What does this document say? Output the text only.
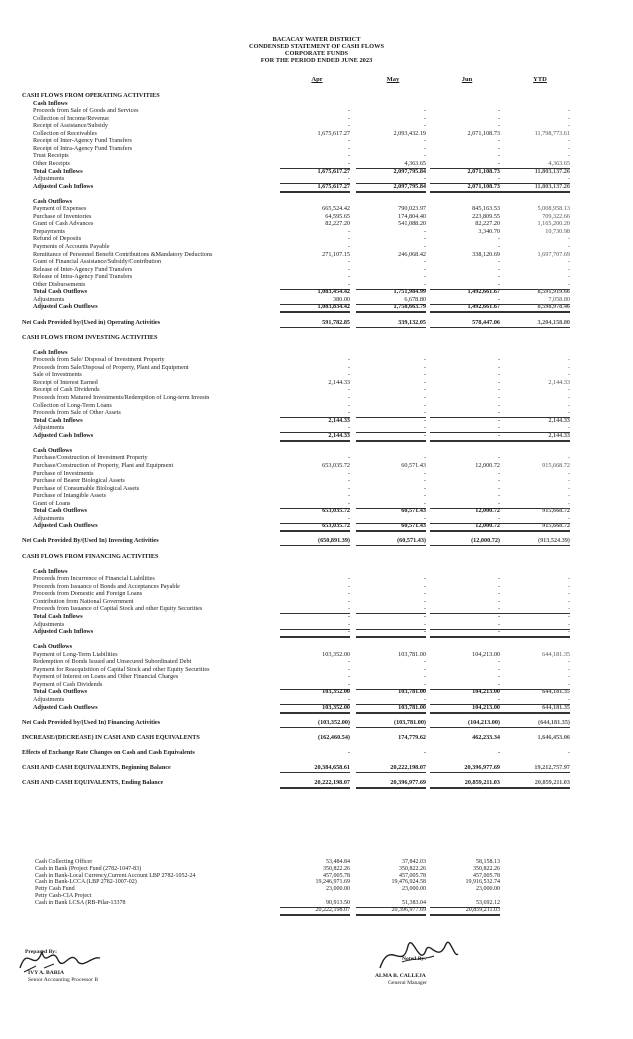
BACACAY WATER DISTRICT
CONDENSED STATEMENT OF CASH FLOWS
CORPORATE FUNDS
FOR THE PERIOD ENDED JUNE 2023
Apr	May	Jun	YTD
CASH FLOWS FROM OPERATING ACTIVITIES
Cash Inflows
Proceeds from Sale of Goods and Services	-	-	-	-
Collection of Income/Revenue	-	-	-	-
Receipt of Assistance/Subsidy	-	-	-	-
Collection of Receivables	1,675,617.27	2,093,432.19	2,071,108.73	11,798,773.61
Receipt of Inter-Agency Fund Transfers	-	-	-	-
Receipt of Intra-Agency Fund Transfers	-	-	-	-
Trust Receipts	-	-	-	-
Other Receipts	-	4,363.65	-	4,363.65
Total Cash Inflows	1,675,617.27	2,097,795.84	2,071,108.73	11,803,137.26
Adjustments	-	-	-	-
Adjusted Cash Inflows	1,675,617.27	2,097,795.84	2,071,108.73	11,803,137.26
Cash Outflows
Payment of Expenses	665,524.42	790,023.97	845,163.53	5,008,958.13
Purchase of Inventories	64,595.65	174,804.40	223,809.55	709,322.66
Grant of Cash Advances	82,227.20	541,088.20	82,227.20	1,165,200.20
Prepayments	-	-	3,340.70	10,730.98
Refund of Deposits	-	-	-	-
Payments of Accounts Payable	-	-	-	-
Remittance of Personnel Benefit Contributions &Mandatory Deductions	271,107.15	246,068.42	338,120.69	1,697,707.69
Grant of Financial Assistance/Subsidy/Contribution	-	-	-	-
Release of Inter-Agency Fund Transfers	-	-	-	-
Release of Intra-Agency Fund Transfers	-	-	-	-
Other Disbursements	-	-	-	-
Total Cash Outflows	1,083,454.42	1,751,984.99	1,492,661.67	8,591,919.66
Adjustments	380.00	6,678.80	-	7,058.80
Adjusted Cash Outflows	1,083,834.42	1,758,663.79	1,492,661.67	8,598,978.46
Net Cash Provided by/(Used in) Operating Activities	591,782.85	339,132.05	578,447.06	3,204,158.80
CASH FLOWS FROM INVESTING ACTIVITIES
Cash Inflows
Proceeds from Sale/ Disposal of Investment Property	-	-	-	-
Proceeds from Sale/Disposal of Property, Plant and Equipment	-	-	-	-
Sale of Investments	-	-	-	-
Receipt of Interest Earned	2,144.33	-	-	2,144.33
Receipt of Cash Dividends	-	-	-	-
Proceeds from Matured Investments/Redemption of Long-term Investn	-	-	-	-
Collection of Long-Term Loans	-	-	-	-
Proceeds from Sale of Other Assets	-	-	-	-
Total Cash Inflows	2,144.33	-	-	2,144.33
Adjustments	-	-	-	-
Adjusted Cash Inflows	2,144.33	-	-	2,144.33
Cash Outflows
Purchase/Construction of Investment Property	-	-	-	-
Purchase/Construction of Property, Plant and Equipment	653,035.72	60,571.43	12,000.72	915,668.72
Purchase of Investments	-	-	-	-
Purchase of Bearer Biological Assets	-	-	-	-
Purchase of Consumable Biological Assets	-	-	-	-
Purchase of Intangible Assets	-	-	-	-
Grant of Loans	-	-	-	-
Total Cash Outflows	653,035.72	60,571.43	12,000.72	915,668.72
Adjustments	-	-	-	-
Adjusted Cash Outflows	653,035.72	60,571.43	12,000.72	915,668.72
Net Cash Provided By/(Used In) Investing Activities	(650,891.39)	(60,571.43)	(12,000.72)	(913,524.39)
CASH FLOWS FROM FINANCING ACTIVITIES
Cash Inflows
Proceeds from Incurrence of Financial Liabilities	-	-	-	-
Proceeds from Issuance of Bonds and Acceptances Payable	-	-	-	-
Proceeds from Domestic and Foreign Loans	-	-	-	-
Contribution from National Government	-	-	-	-
Proceeds from Issuance of Capital Stock and other Equity Securities	-	-	-	-
Total Cash Inflows	-	-	-	-
Adjustments	-	-	-	-
Adjusted Cash Inflows	-	-	-	-
Cash Outflows
Payment of Long-Term Liabilities	103,352.00	103,781.00	104,213.00	644,181.35
Redemption of Bonds Issued and Unsecured Subordinated Debt	-	-	-	-
Payment for Reacquisition of Capital Stock and other Equity Securities	-	-	-	-
Payment of Interest on Loans and Other Financial Charges	-	-	-	-
Payment of Cash Dividends	-	-	-	-
Total Cash Outflows	103,352.00	103,781.00	104,213.00	644,181.35
Adjustments	-	-	-	-
Adjusted Cash Outflows	103,352.00	103,781.00	104,213.00	644,181.35
Net Cash Provided by/(Used In) Financing Activities	(103,352.00)	(103,781.00)	(104,213.00)	(644,181.35)
INCREASE/(DECREASE) IN CASH AND CASH EQUIVALENTS	(162,460.54)	174,779.62	462,233.34	1,646,453.06
Effects of Exchange Rate Changes on Cash and Cash Equivalents	-	-	-	-
CASH AND CASH EQUIVALENTS, Beginning Balance	20,384,658.61	20,222,198.07	20,396,977.69	19,212,757.97
CASH AND CASH EQUIVALENTS, Ending Balance	20,222,198.07	20,396,977.69	20,859,211.03	20,859,211.03
Cash Collecting Officer	53,484.84	37,842.03	58,158.13
Cash in Bank (Project Fund (2782-1047-83)	350,822.26	350,822.26	350,822.26
Cash in Bank-Local Currency,Current Account LBP 2782-1052-24	457,005.78	457,005.78	457,005.78
Cash in Bank-LCCA (LBP 2782-1007-02)	19,246,971.69	19,476,924.58	19,916,532.74
Petty Cash Fund	23,000.00	23,000.00	23,000.00
Petty Cash-CIA Project
Cash in Bank LCSA (RB-Pilar-13378	90,913.50	51,383.04	53,692.12
20,222,198.07	20,396,977.69	20,859,211.03
Prepared By:
IVY A. BARIA
Senior Accounting Processor B
Noted By:
ALMA B. CALLEJA
General Manager
